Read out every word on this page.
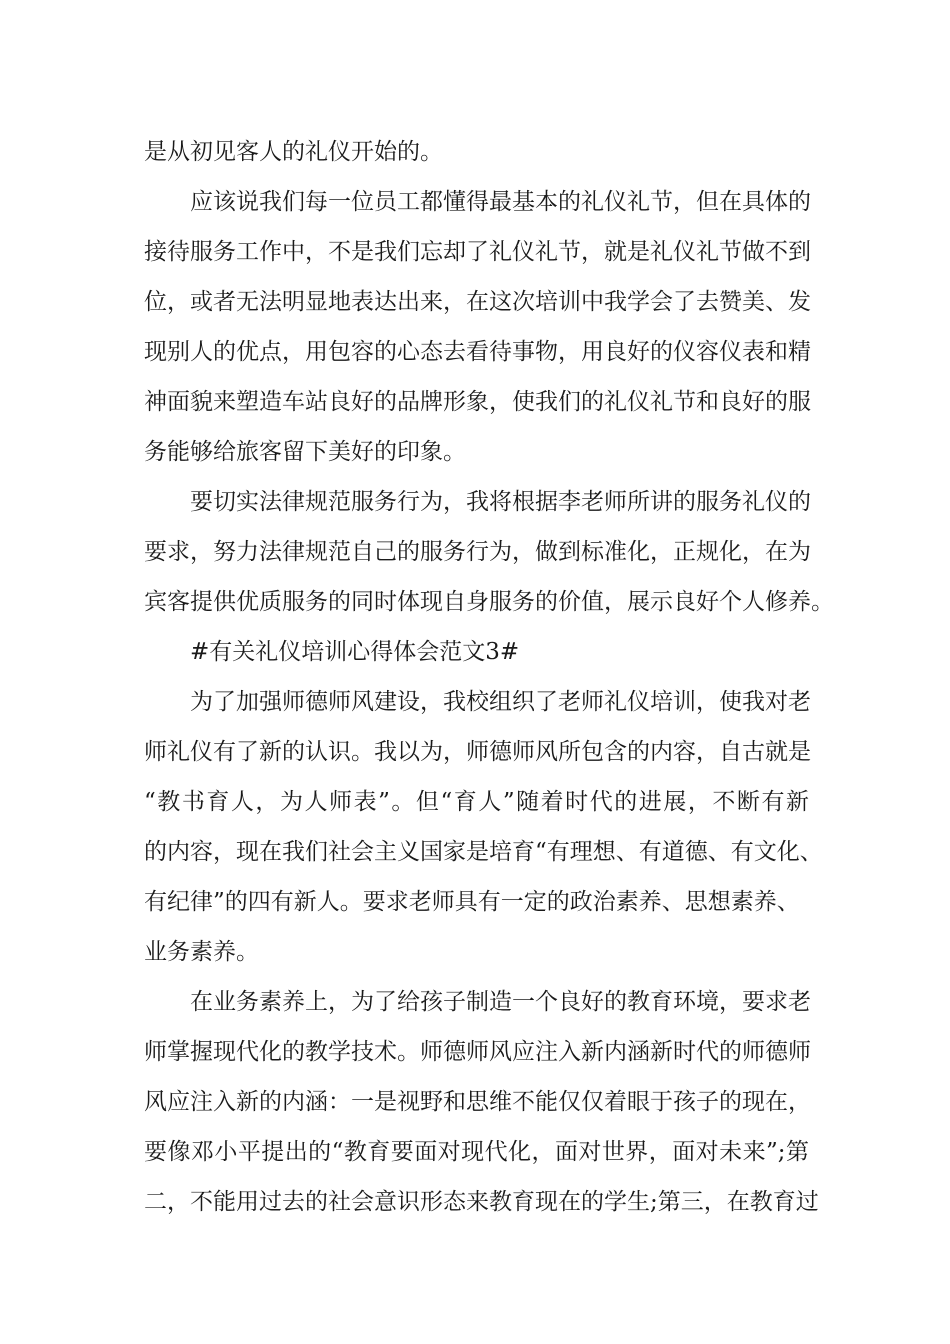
是从初见客人的礼仪开始的。
应该说我们每一位员工都懂得最基本的礼仪礼节，但在具体的
接待服务工作中，不是我们忘却了礼仪礼节，就是礼仪礼节做不到
位，或者无法明显地表达出来，在这次培训中我学会了去赞美、发
现别人的优点，用包容的心态去看待事物，用良好的仪容仪表和精
神面貌来塑造车站良好的品牌形象，使我们的礼仪礼节和良好的服
务能够给旅客留下美好的印象。
要切实法律规范服务行为，我将根据李老师所讲的服务礼仪的
要求，努力法律规范自己的服务行为，做到标准化，正规化，在为
宾客提供优质服务的同时体现自身服务的价值，展示良好个人修养。
#有关礼仪培训心得体会范文3#
为了加强师德师风建设，我校组织了老师礼仪培训，使我对老
师礼仪有了新的认识。我以为，师德师风所包含的内容，自古就是
“教书育人，为人师表”。但“育人”随着时代的进展，不断有新
的内容，现在我们社会主义国家是培育“有理想、有道德、有文化、
有纪律”的四有新人。要求老师具有一定的政治素养、思想素养、
业务素养。
在业务素养上，为了给孩子制造一个良好的教育环境，要求老
师掌握现代化的教学技术。师德师风应注入新内涵新时代的师德师
风应注入新的内涵：一是视野和思维不能仅仅着眼于孩子的现在，
要像邓小平提出的“教育要面对现代化，面对世界，面对未来”;第
二，不能用过去的社会意识形态来教育现在的学生;第三，在教育过
